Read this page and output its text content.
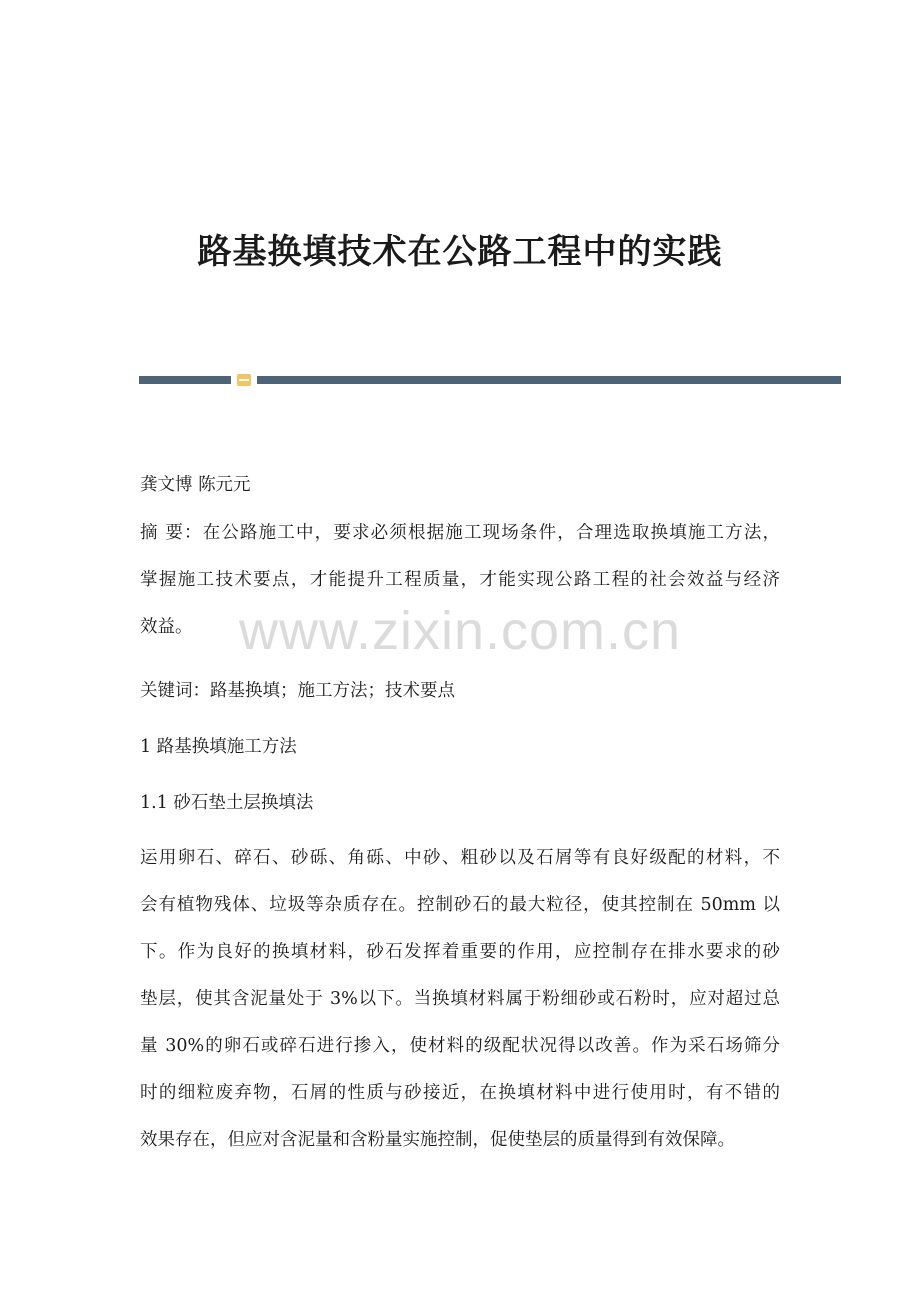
路基换填技术在公路工程中的实践
龚文博 陈元元
摘 要：在公路施工中，要求必须根据施工现场条件，合理选取换填施工方法，
掌握施工技术要点，才能提升工程质量，才能实现公路工程的社会效益与经济
效益。
关键词：路基换填；施工方法；技术要点
1 路基换填施工方法
1.1 砂石垫土层换填法
运用卵石、碎石、砂砾、角砾、中砂、粗砂以及石屑等有良好级配的材料，不
会有植物残体、垃圾等杂质存在。控制砂石的最大粒径，使其控制在 50mm 以
下。作为良好的换填材料，砂石发挥着重要的作用，应控制存在排水要求的砂
垫层，使其含泥量处于 3%以下。当换填材料属于粉细砂或石粉时，应对超过总
量 30%的卵石或碎石进行掺入，使材料的级配状况得以改善。作为采石场筛分
时的细粒废弃物，石屑的性质与砂接近，在换填材料中进行使用时，有不错的
效果存在，但应对含泥量和含粉量实施控制，促使垫层的质量得到有效保障。
www.zixin.com.cn
